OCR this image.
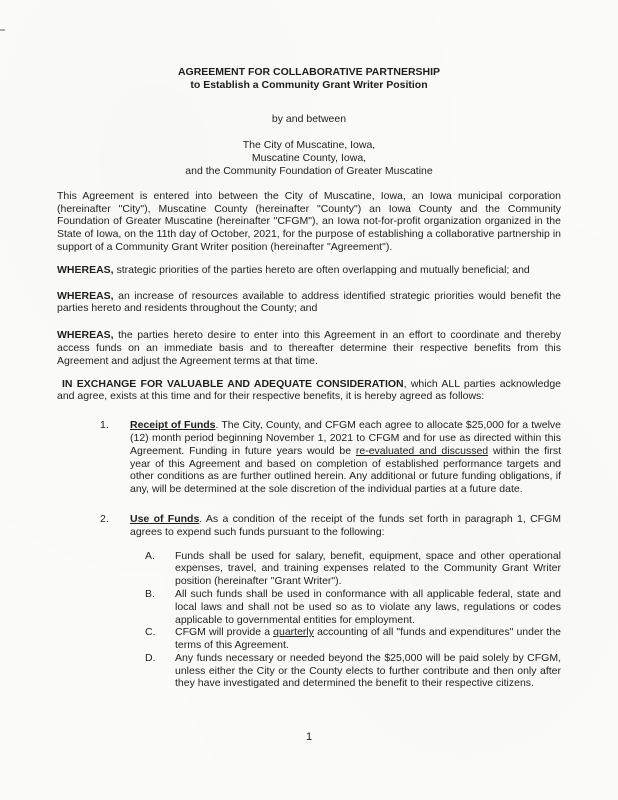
AGREEMENT FOR COLLABORATIVE PARTNERSHIP
to Establish a Community Grant Writer Position
by and between
The City of Muscatine, Iowa,
Muscatine County, Iowa,
and the Community Foundation of Greater Muscatine
This Agreement is entered into between the City of Muscatine, Iowa, an Iowa municipal corporation (hereinafter "City"), Muscatine County (hereinafter "County") an Iowa County and the Community Foundation of Greater Muscatine (hereinafter "CFGM"), an Iowa not-for-profit organization organized in the State of Iowa, on the 11th day of October, 2021, for the purpose of establishing a collaborative partnership in support of a Community Grant Writer position (hereinafter "Agreement").
WHEREAS, strategic priorities of the parties hereto are often overlapping and mutually beneficial; and
WHEREAS, an increase of resources available to address identified strategic priorities would benefit the parties hereto and residents throughout the County; and
WHEREAS, the parties hereto desire to enter into this Agreement in an effort to coordinate and thereby access funds on an immediate basis and to thereafter determine their respective benefits from this Agreement and adjust the Agreement terms at that time.
IN EXCHANGE FOR VALUABLE AND ADEQUATE CONSIDERATION, which ALL parties acknowledge and agree, exists at this time and for their respective benefits, it is hereby agreed as follows:
1.	Receipt of Funds. The City, County, and CFGM each agree to allocate $25,000 for a twelve (12) month period beginning November 1, 2021 to CFGM and for use as directed within this Agreement. Funding in future years would be re-evaluated and discussed within the first year of this Agreement and based on completion of established performance targets and other conditions as are further outlined herein. Any additional or future funding obligations, if any, will be determined at the sole discretion of the individual parties at a future date.
2.	Use of Funds. As a condition of the receipt of the funds set forth in paragraph 1, CFGM agrees to expend such funds pursuant to the following:
A.	Funds shall be used for salary, benefit, equipment, space and other operational expenses, travel, and training expenses related to the Community Grant Writer position (hereinafter "Grant Writer").
B.	All such funds shall be used in conformance with all applicable federal, state and local laws and shall not be used so as to violate any laws, regulations or codes applicable to governmental entities for employment.
C.	CFGM will provide a quarterly accounting of all "funds and expenditures" under the terms of this Agreement.
D.	Any funds necessary or needed beyond the $25,000 will be paid solely by CFGM, unless either the City or the County elects to further contribute and then only after they have investigated and determined the benefit to their respective citizens.
1
